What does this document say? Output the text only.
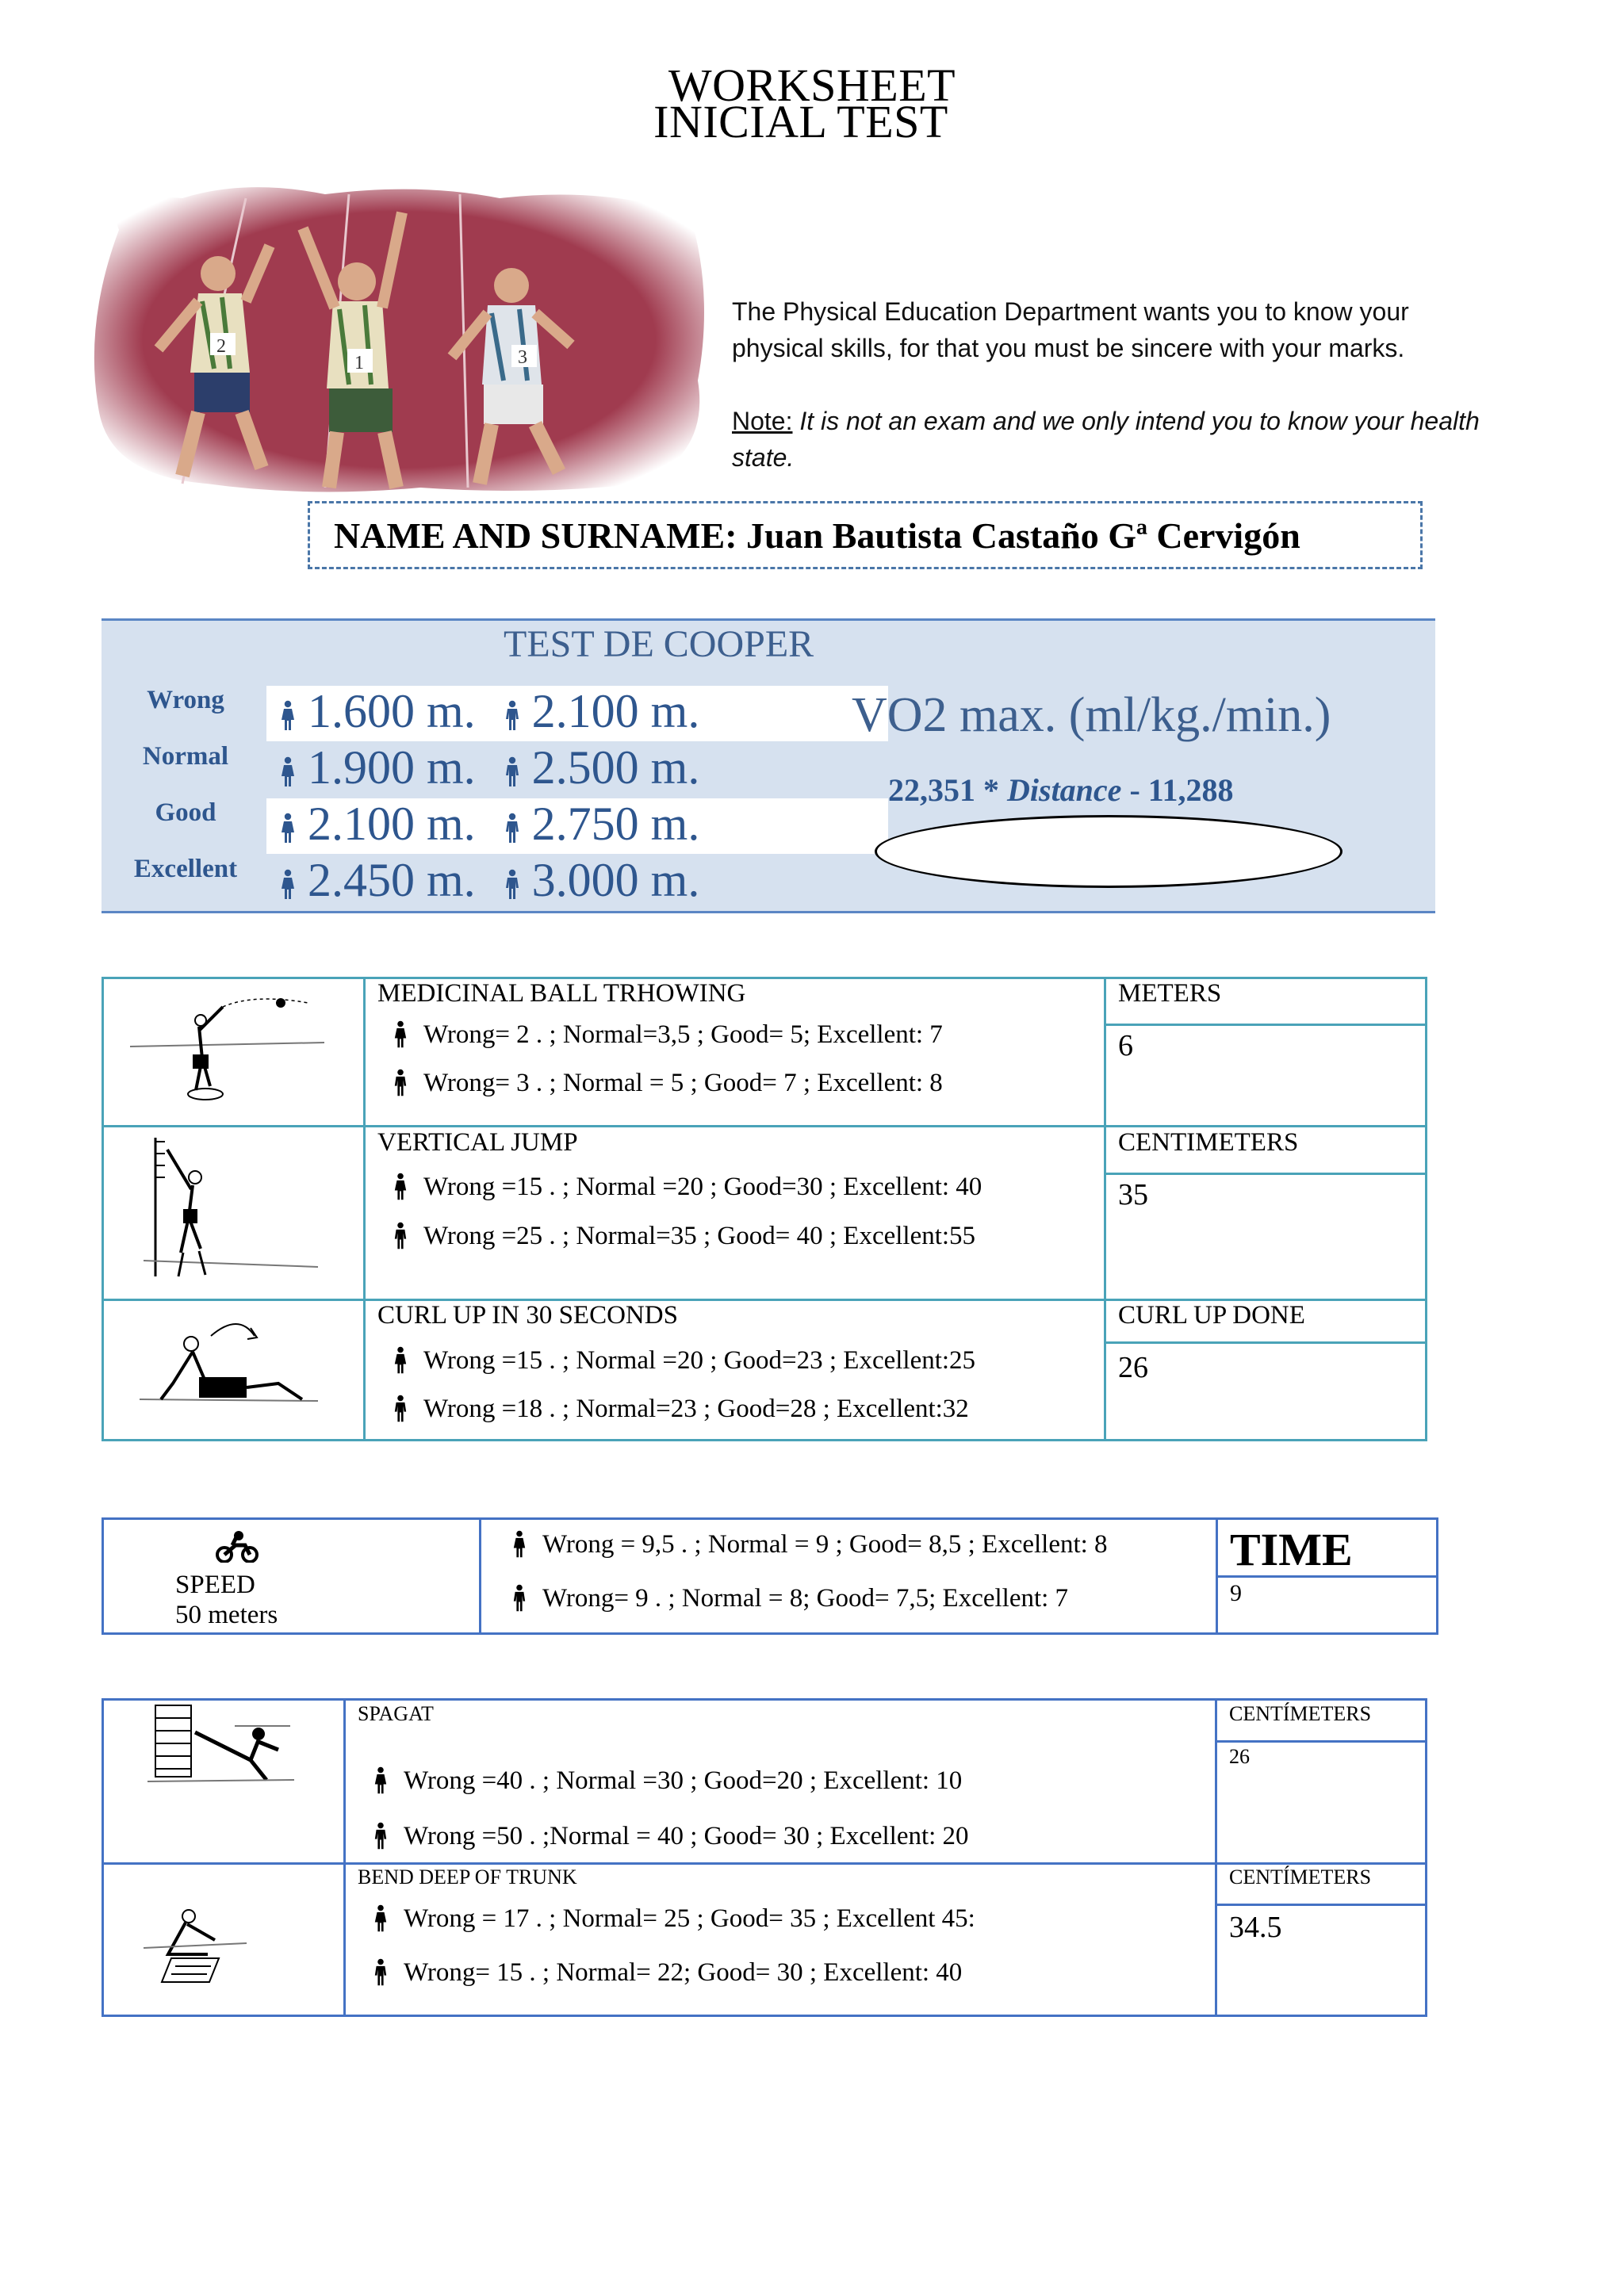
WORKSHEET
INICIAL TEST
2
1	3

The Physical Education Department wants you to know your physical skills, for that you must be sincere with your marks.

Note: It is not an exam and we only intend you to know your health state.

NAME AND SURNAME: Juan Bautista Castaño Gª Cervigón
TEST DE COOPER
Wrong
Normal
Good
Excellent
1.600 m. 2.100 m.
1.900 m. 2.500 m.
2.100 m. 2.750 m.
2.450 m. 3.000 m.
VO2 max. (ml/kg./min.)
22,351 * Distance - 11,288
MEDICINAL BALL TRHOWING
Wrong= 2 . ; Normal=3,5 ; Good= 5; Excellent: 7
Wrong= 3 . ; Normal = 5 ; Good= 7 ; Excellent: 8
METERS
6
VERTICAL JUMP
Wrong =15 . ; Normal =20 ; Good=30 ; Excellent: 40
Wrong =25 . ; Normal=35 ; Good= 40 ; Excellent:55
CENTIMETERS
35
CURL UP IN 30 SECONDS
Wrong =15 . ; Normal =20 ; Good=23 ; Excellent:25
Wrong =18 . ; Normal=23 ; Good=28 ; Excellent:32
CURL UP DONE
26
SPEED
50 meters
Wrong = 9,5 . ; Normal = 9 ; Good= 8,5 ; Excellent: 8
Wrong= 9 . ; Normal = 8; Good= 7,5; Excellent: 7
TIME
9
SPAGAT
Wrong =40 . ; Normal =30 ; Good=20 ; Excellent: 10
Wrong =50 . ;Normal = 40 ; Good= 30 ; Excellent: 20
CENTÍMETERS
26
BEND DEEP OF TRUNK
Wrong = 17 . ; Normal= 25 ; Good= 35 ; Excellent 45:
Wrong= 15 . ; Normal= 22; Good= 30 ; Excellent: 40
CENTÍMETERS
34.5
